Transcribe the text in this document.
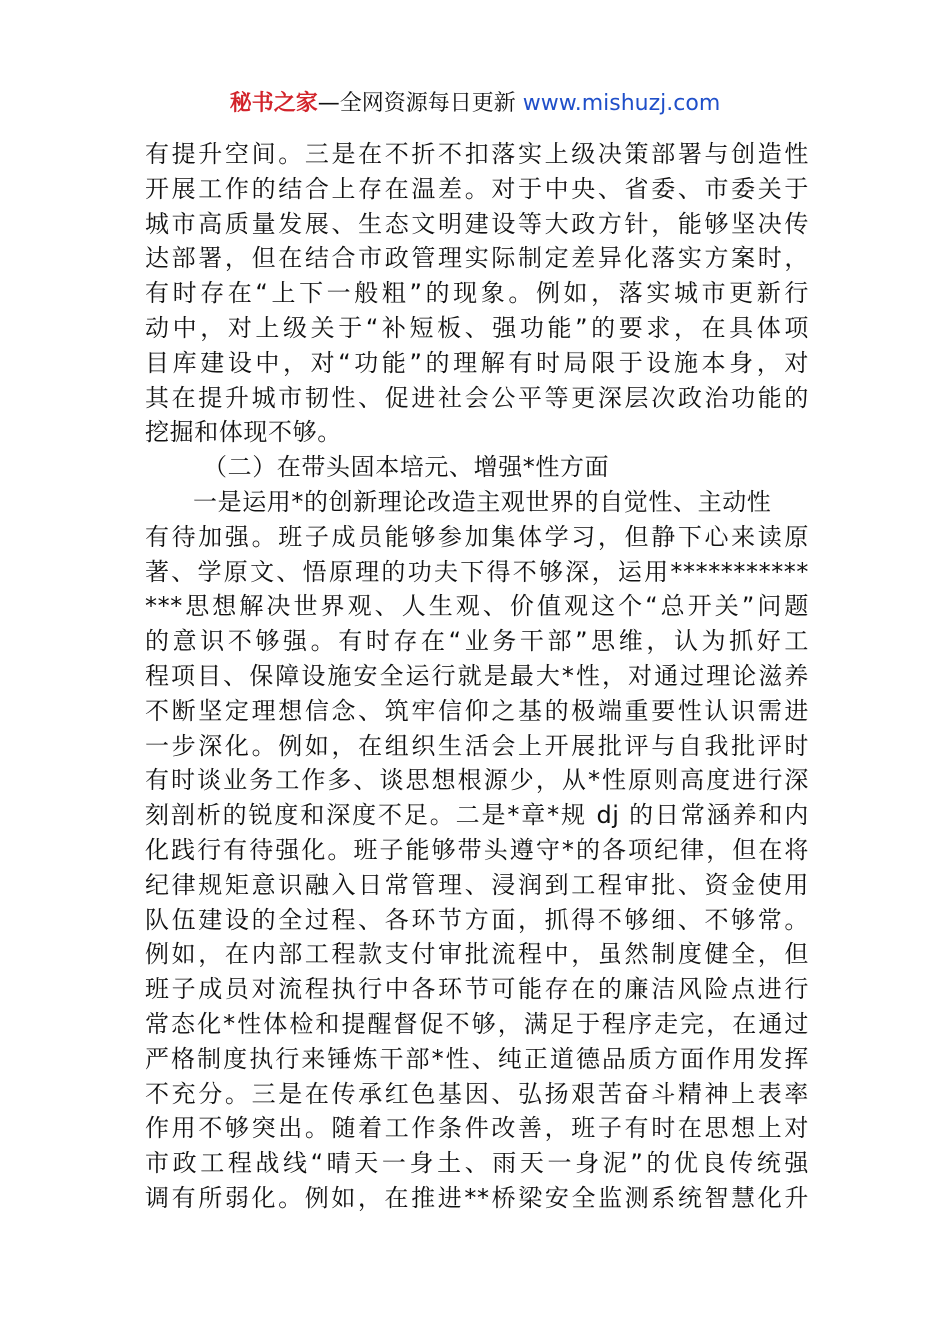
秘书之家—全网资源每日更新 www.mishuzj.com
有提升空间。三是在不折不扣落实上级决策部署与创造性
开展工作的结合上存在温差。对于中央、省委、市委关于
城市高质量发展、生态文明建设等大政方针，能够坚决传
达部署，但在结合市政管理实际制定差异化落实方案时，
有时存在“上下一般粗”的现象。例如，落实城市更新行
动中，对上级关于“补短板、强功能”的要求，在具体项
目库建设中，对“功能”的理解有时局限于设施本身，对
其在提升城市韧性、促进社会公平等更深层次政治功能的
挖掘和体现不够。
（二）在带头固本培元、增强*性方面
一是运用*的创新理论改造主观世界的自觉性、主动性
有待加强。班子成员能够参加集体学习，但静下心来读原
著、学原文、悟原理的功夫下得不够深，运用***********
***思想解决世界观、人生观、价值观这个“总开关”问题
的意识不够强。有时存在“业务干部”思维，认为抓好工
程项目、保障设施安全运行就是最大*性，对通过理论滋养
不断坚定理想信念、筑牢信仰之基的极端重要性认识需进
一步深化。例如，在组织生活会上开展批评与自我批评时
有时谈业务工作多、谈思想根源少，从*性原则高度进行深
刻剖析的锐度和深度不足。二是*章*规 dj 的日常涵养和内
化践行有待强化。班子能够带头遵守*的各项纪律，但在将
纪律规矩意识融入日常管理、浸润到工程审批、资金使用
队伍建设的全过程、各环节方面，抓得不够细、不够常。
例如，在内部工程款支付审批流程中，虽然制度健全，但
班子成员对流程执行中各环节可能存在的廉洁风险点进行
常态化*性体检和提醒督促不够，满足于程序走完，在通过
严格制度执行来锤炼干部*性、纯正道德品质方面作用发挥
不充分。三是在传承红色基因、弘扬艰苦奋斗精神上表率
作用不够突出。随着工作条件改善，班子有时在思想上对
市政工程战线“晴天一身土、雨天一身泥”的优良传统强
调有所弱化。例如，在推进**桥梁安全监测系统智慧化升
